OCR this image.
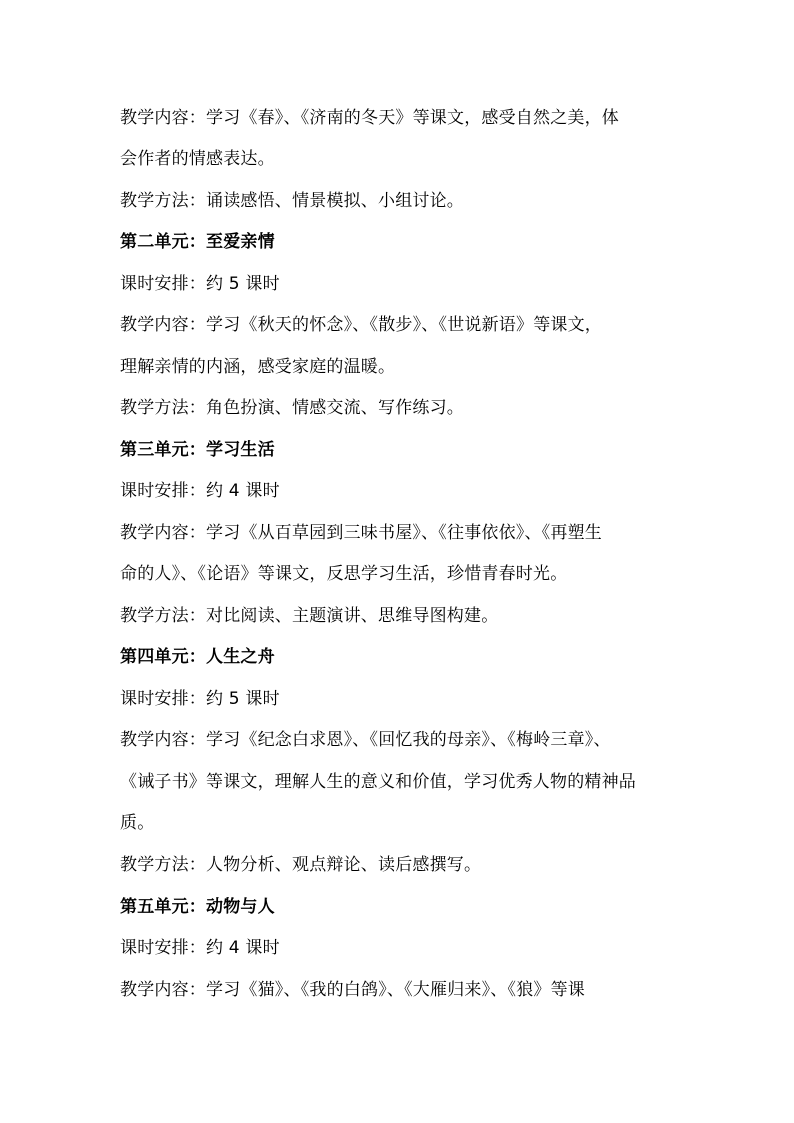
教学内容：学习《春》、《济南的冬天》等课文，感受自然之美，体
会作者的情感表达。
教学方法：诵读感悟、情景模拟、小组讨论。
第二单元：至爱亲情
课时安排：约 5 课时
教学内容：学习《秋天的怀念》、《散步》、《世说新语》等课文，
理解亲情的内涵，感受家庭的温暖。
教学方法：角色扮演、情感交流、写作练习。
第三单元：学习生活
课时安排：约 4 课时
教学内容：学习《从百草园到三味书屋》、《往事依依》、《再塑生
命的人》、《论语》等课文，反思学习生活，珍惜青春时光。
教学方法：对比阅读、主题演讲、思维导图构建。
第四单元：人生之舟
课时安排：约 5 课时
教学内容：学习《纪念白求恩》、《回忆我的母亲》、《梅岭三章》、
《诫子书》等课文，理解人生的意义和价值，学习优秀人物的精神品
质。
教学方法：人物分析、观点辩论、读后感撰写。
第五单元：动物与人
课时安排：约 4 课时
教学内容：学习《猫》、《我的白鸽》、《大雁归来》、《狼》等课
